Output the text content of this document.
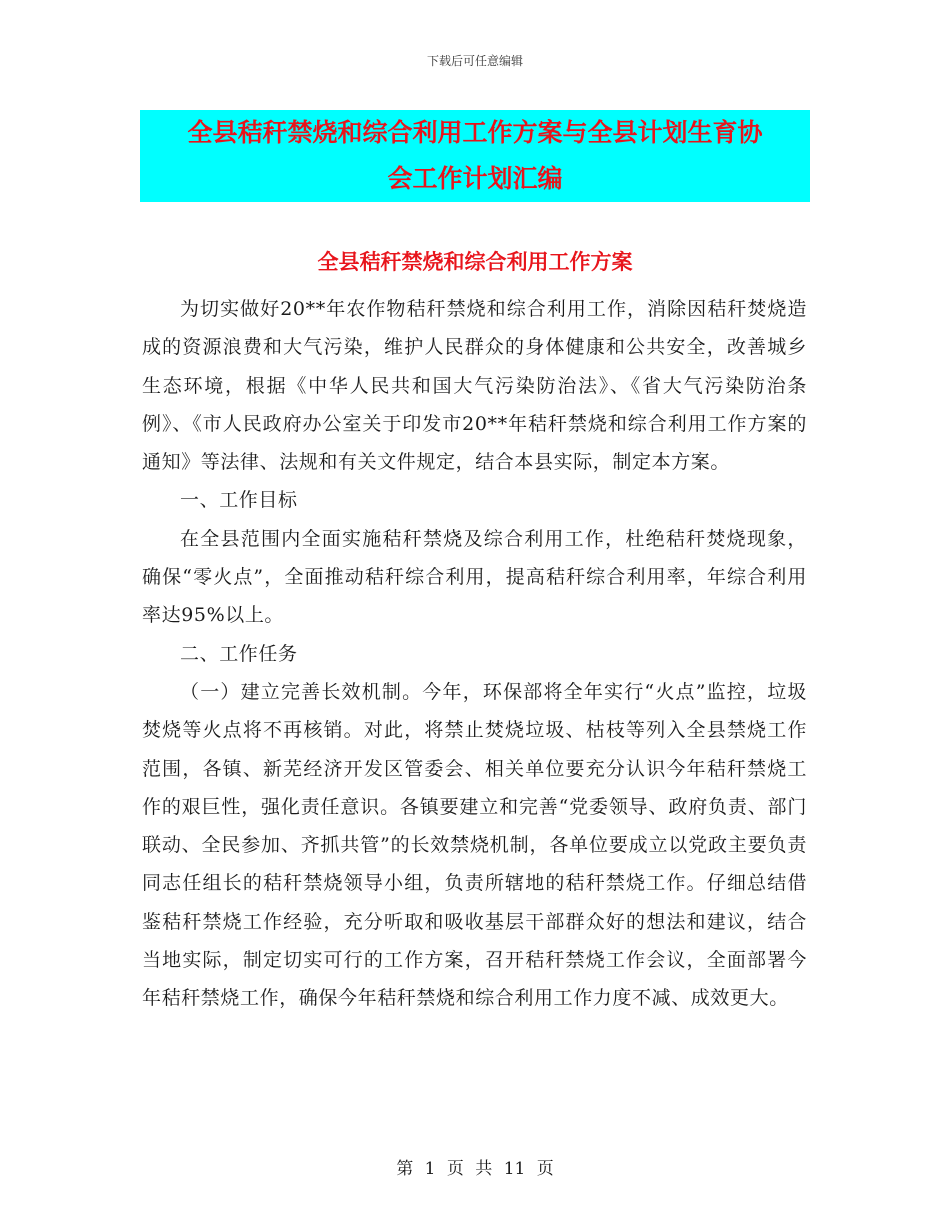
下载后可任意编辑
全县秸秆禁烧和综合利用工作方案与全县计划生育协
会工作计划汇编
全县秸秆禁烧和综合利用工作方案

为切实做好20**年农作物秸秆禁烧和综合利用工作，消除因秸秆焚烧造成的资源浪费和大气污染，维护人民群众的身体健康和公共安全，改善城乡生态环境，根据《中华人民共和国大气污染防治法》、《省大气污染防治条例》、《市人民政府办公室关于印发市20**年秸秆禁烧和综合利用工作方案的通知》等法律、法规和有关文件规定，结合本县实际，制定本方案。

一、工作目标

在全县范围内全面实施秸秆禁烧及综合利用工作，杜绝秸秆焚烧现象，确保“零火点”，全面推动秸秆综合利用，提高秸秆综合利用率，年综合利用率达95%以上。

二、工作任务

（一）建立完善长效机制。今年，环保部将全年实行“火点”监控，垃圾焚烧等火点将不再核销。对此，将禁止焚烧垃圾、枯枝等列入全县禁烧工作范围，各镇、新芜经济开发区管委会、相关单位要充分认识今年秸秆禁烧工作的艰巨性，强化责任意识。各镇要建立和完善“党委领导、政府负责、部门联动、全民参加、齐抓共管”的长效禁烧机制，各单位要成立以党政主要负责同志任组长的秸秆禁烧领导小组，负责所辖地的秸秆禁烧工作。仔细总结借鉴秸秆禁烧工作经验，充分听取和吸收基层干部群众好的想法和建议，结合当地实际，制定切实可行的工作方案，召开秸秆禁烧工作会议，全面部署今年秸秆禁烧工作，确保今年秸秆禁烧和综合利用工作力度不减、成效更大。

第 1 页 共 11 页
